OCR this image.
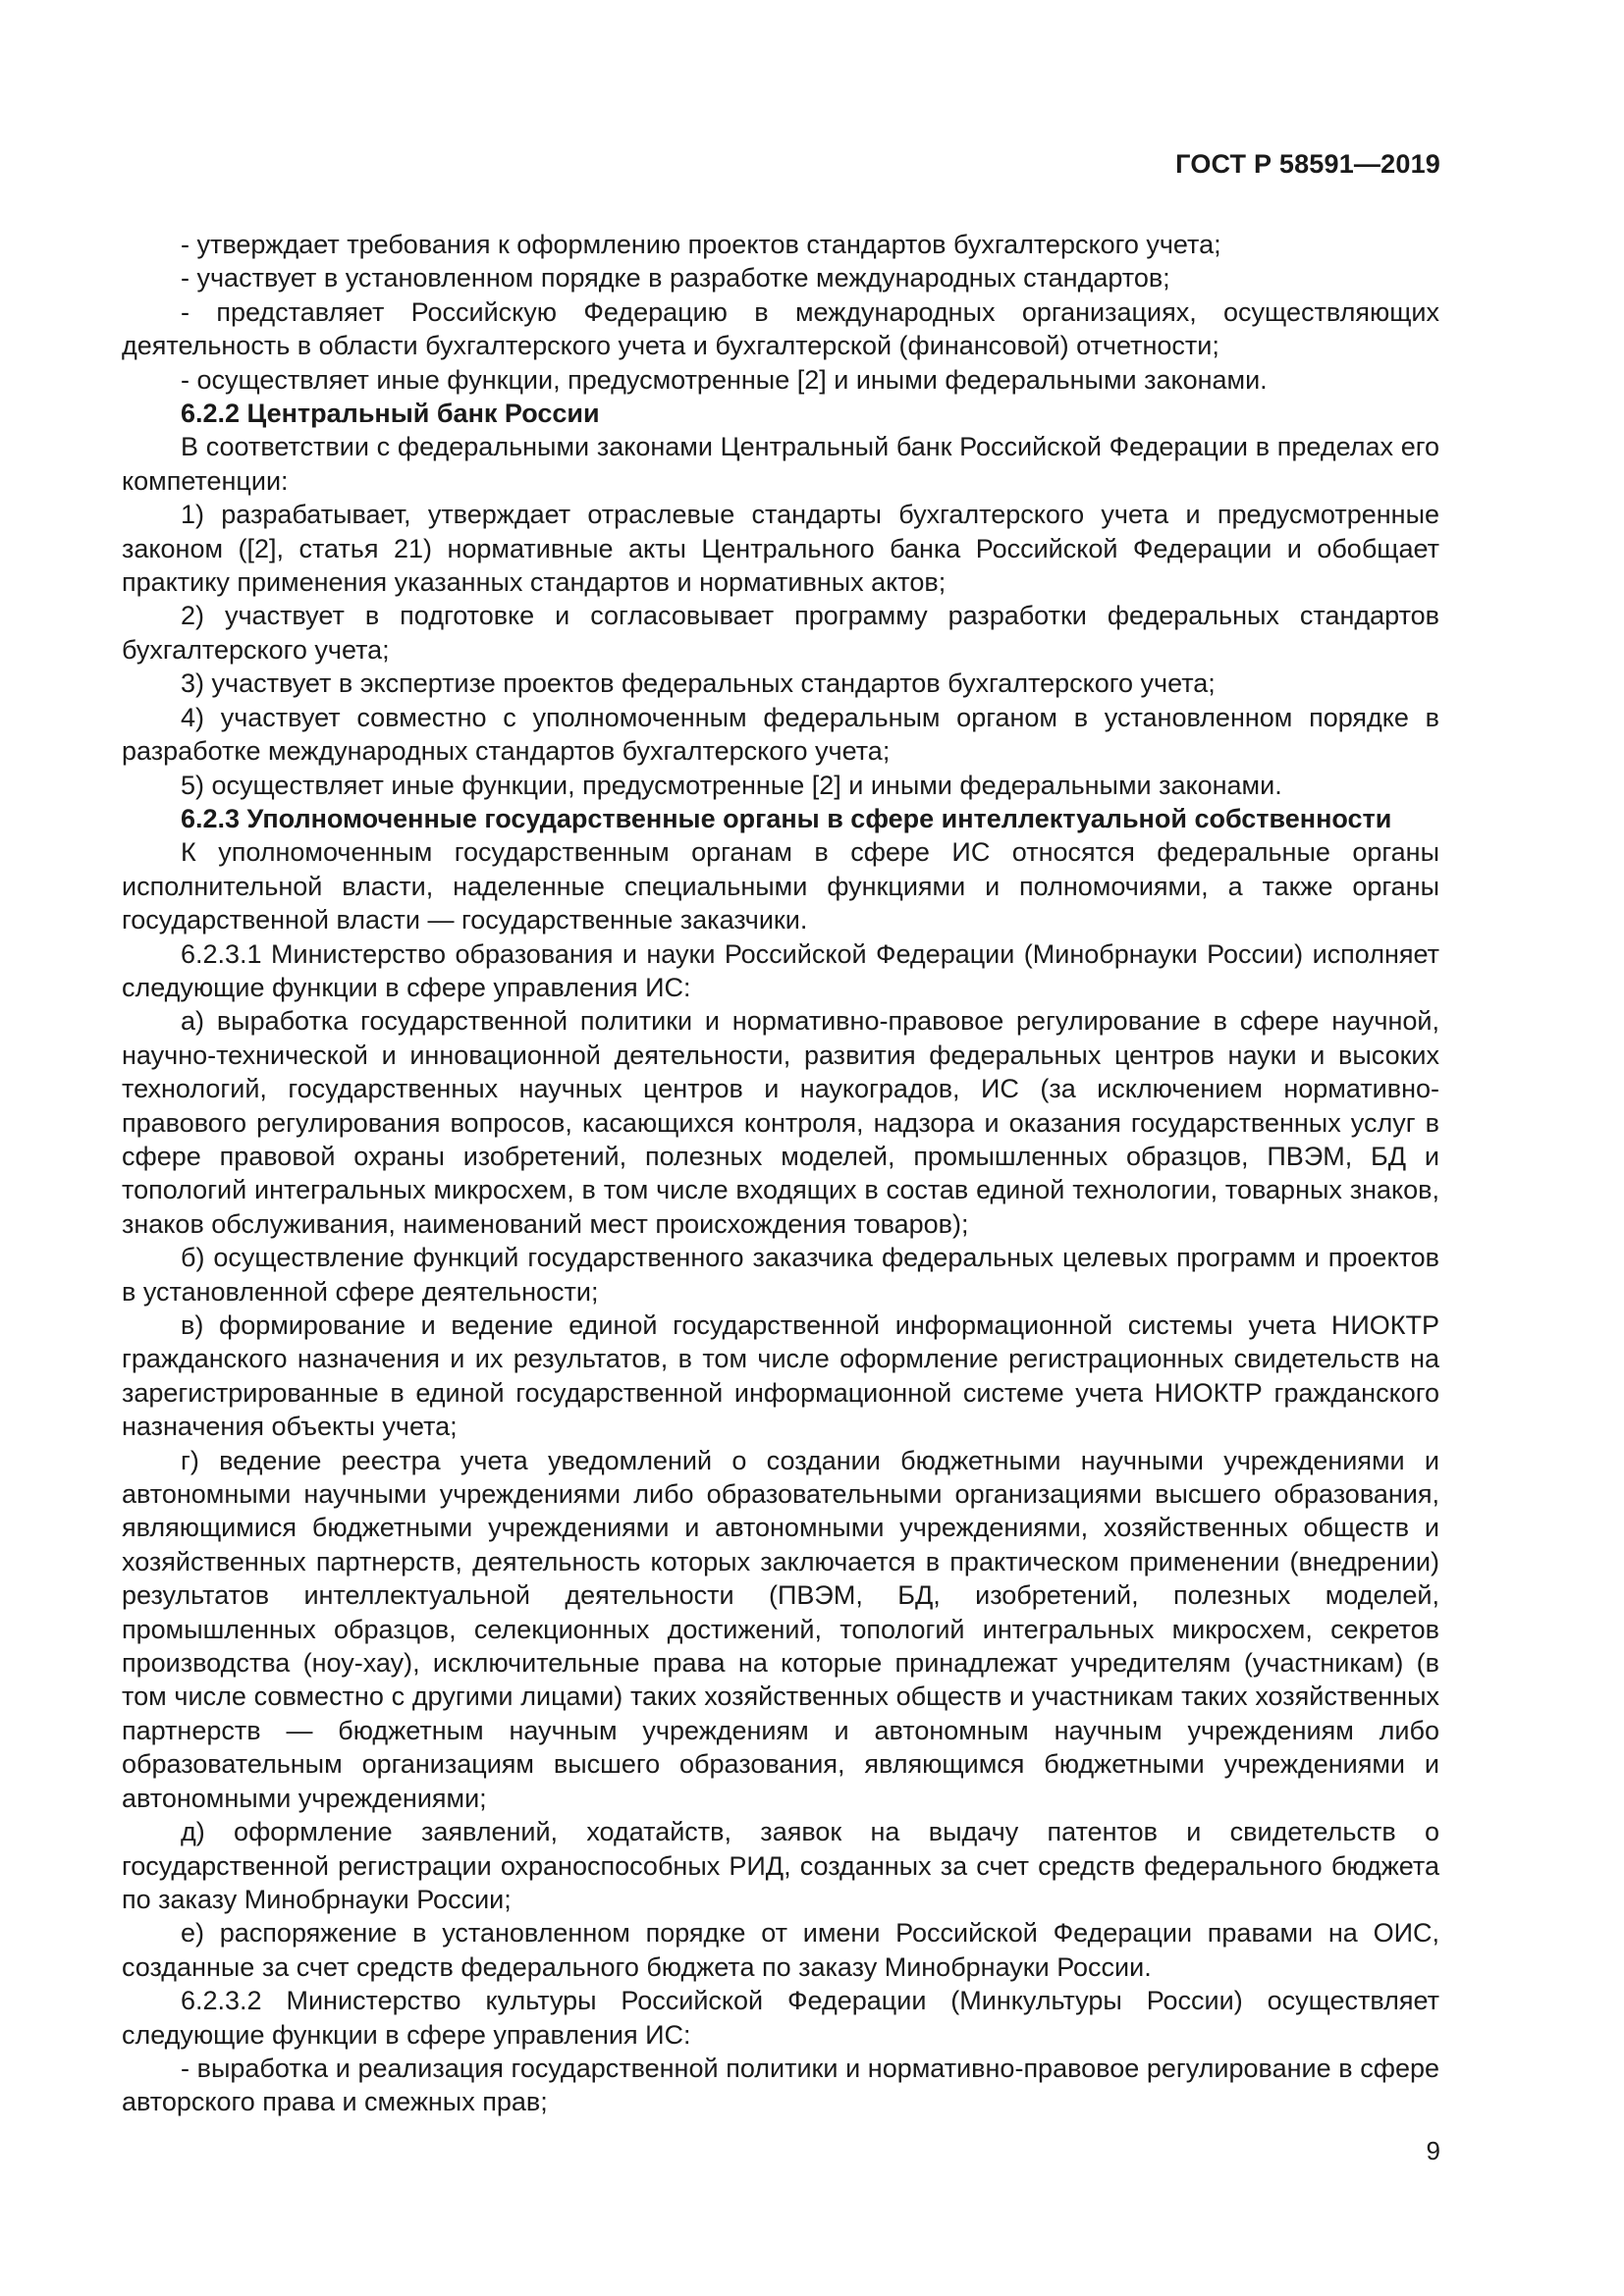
ГОСТ Р 58591—2019

- утверждает требования к оформлению проектов стандартов бухгалтерского учета;

- участвует в установленном порядке в разработке международных стандартов;

- представляет Российскую Федерацию в международных организациях, осуществляющих деятельность в области бухгалтерского учета и бухгалтерской (финансовой) отчетности;

- осуществляет иные функции, предусмотренные [2] и иными федеральными законами.

6.2.2 Центральный банк России

В соответствии с федеральными законами Центральный банк Российской Федерации в пределах его компетенции:

1) разрабатывает, утверждает отраслевые стандарты бухгалтерского учета и предусмотренные законом ([2], статья 21) нормативные акты Центрального банка Российской Федерации и обобщает практику применения указанных стандартов и нормативных актов;

2) участвует в подготовке и согласовывает программу разработки федеральных стандартов бухгалтерского учета;

3) участвует в экспертизе проектов федеральных стандартов бухгалтерского учета;

4) участвует совместно с уполномоченным федеральным органом в установленном порядке в разработке международных стандартов бухгалтерского учета;

5) осуществляет иные функции, предусмотренные [2] и иными федеральными законами.

6.2.3 Уполномоченные государственные органы в сфере интеллектуальной собственности

К уполномоченным государственным органам в сфере ИС относятся федеральные органы исполнительной власти, наделенные специальными функциями и полномочиями, а также органы государственной власти — государственные заказчики.

6.2.3.1 Министерство образования и науки Российской Федерации (Минобрнауки России) исполняет следующие функции в сфере управления ИС:

а) выработка государственной политики и нормативно-правовое регулирование в сфере научной, научно-технической и инновационной деятельности, развития федеральных центров науки и высоких технологий, государственных научных центров и наукоградов, ИС (за исключением нормативно-правового регулирования вопросов, касающихся контроля, надзора и оказания государственных услуг в сфере правовой охраны изобретений, полезных моделей, промышленных образцов, ПВЭМ, БД и топологий интегральных микросхем, в том числе входящих в состав единой технологии, товарных знаков, знаков обслуживания, наименований мест происхождения товаров);

б) осуществление функций государственного заказчика федеральных целевых программ и проектов в установленной сфере деятельности;

в) формирование и ведение единой государственной информационной системы учета НИОКТР гражданского назначения и их результатов, в том числе оформление регистрационных свидетельств на зарегистрированные в единой государственной информационной системе учета НИОКТР гражданского назначения объекты учета;

г) ведение реестра учета уведомлений о создании бюджетными научными учреждениями и автономными научными учреждениями либо образовательными организациями высшего образования, являющимися бюджетными учреждениями и автономными учреждениями, хозяйственных обществ и хозяйственных партнерств, деятельность которых заключается в практическом применении (внедрении) результатов интеллектуальной деятельности (ПВЭМ, БД, изобретений, полезных моделей, промышленных образцов, селекционных достижений, топологий интегральных микросхем, секретов производства (ноу-хау), исключительные права на которые принадлежат учредителям (участникам) (в том числе совместно с другими лицами) таких хозяйственных обществ и участникам таких хозяйственных партнерств — бюджетным научным учреждениям и автономным научным учреждениям либо образовательным организациям высшего образования, являющимся бюджетными учреждениями и автономными учреждениями;

д) оформление заявлений, ходатайств, заявок на выдачу патентов и свидетельств о государственной регистрации охраноспособных РИД, созданных за счет средств федерального бюджета по заказу Минобрнауки России;

е) распоряжение в установленном порядке от имени Российской Федерации правами на ОИС, созданные за счет средств федерального бюджета по заказу Минобрнауки России.

6.2.3.2 Министерство культуры Российской Федерации (Минкультуры России) осуществляет следующие функции в сфере управления ИС:

- выработка и реализация государственной политики и нормативно-правовое регулирование в сфере авторского права и смежных прав;

9
